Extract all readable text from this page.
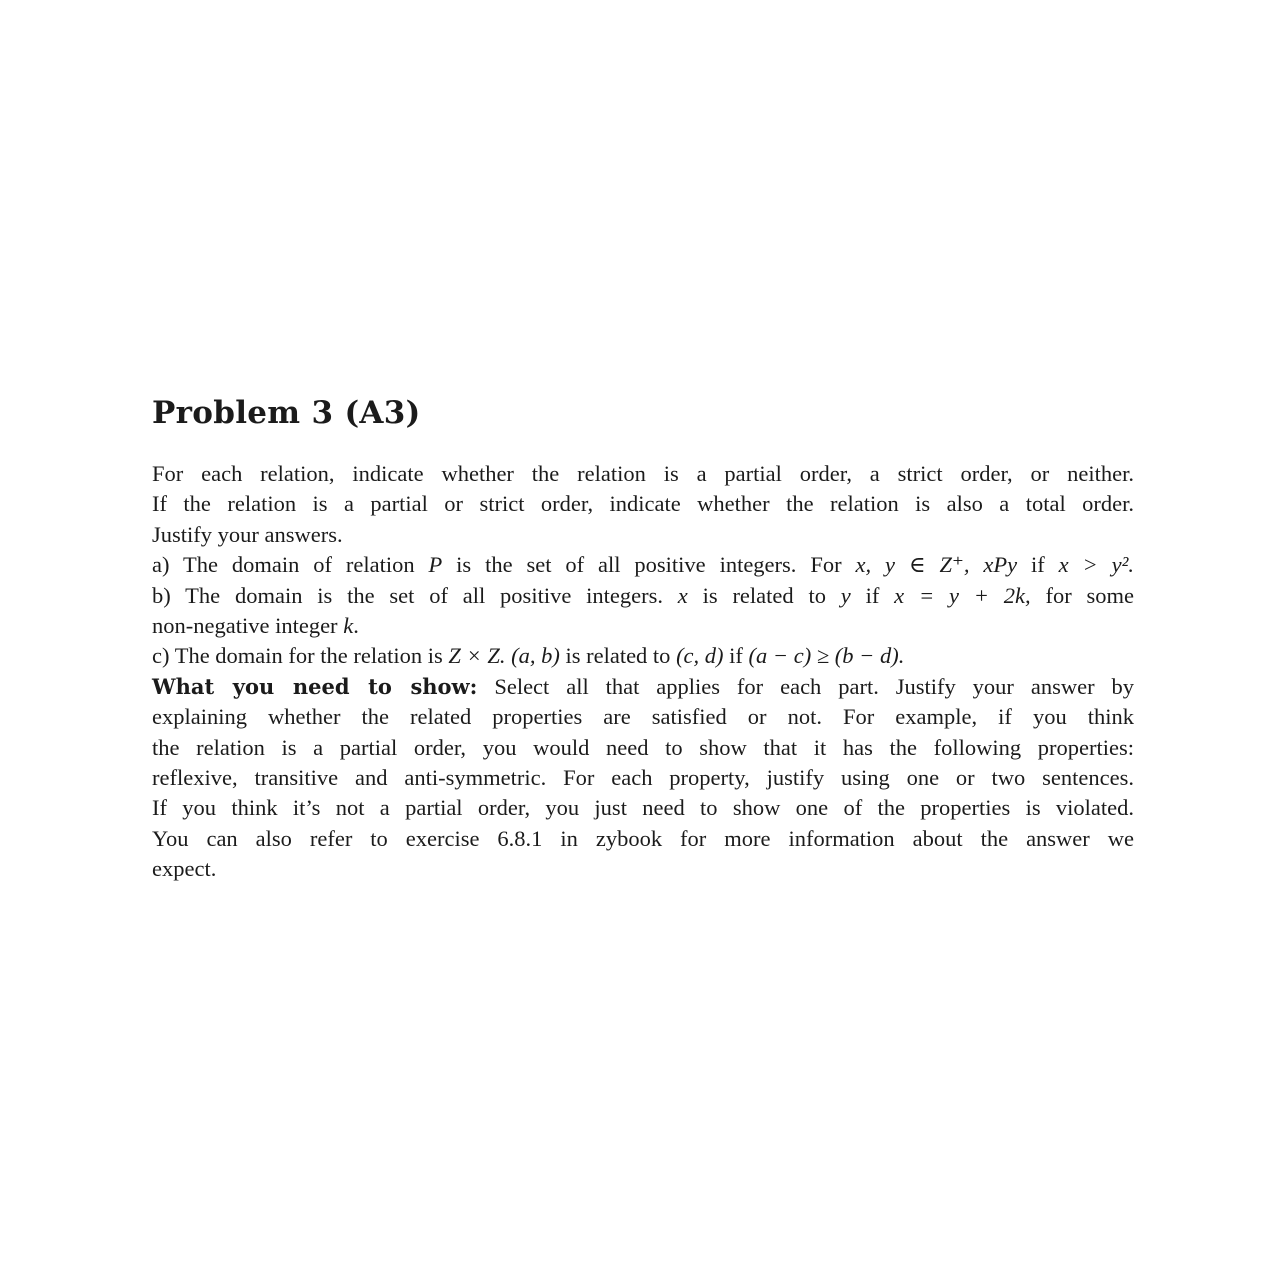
Problem 3 (A3)
For each relation, indicate whether the relation is a partial order, a strict order, or neither.
If the relation is a partial or strict order, indicate whether the relation is also a total order.
Justify your answers.
a) The domain of relation P is the set of all positive integers. For x, y ∈ Z⁺, xPy if x > y².
b) The domain is the set of all positive integers. x is related to y if x = y + 2k, for some
non-negative integer k.
c) The domain for the relation is Z × Z. (a, b) is related to (c, d) if (a − c) ≥ (b − d).
What you need to show: Select all that applies for each part. Justify your answer by
explaining whether the related properties are satisfied or not. For example, if you think
the relation is a partial order, you would need to show that it has the following properties:
reflexive, transitive and anti-symmetric. For each property, justify using one or two sentences.
If you think it’s not a partial order, you just need to show one of the properties is violated.
You can also refer to exercise 6.8.1 in zybook for more information about the answer we
expect.
